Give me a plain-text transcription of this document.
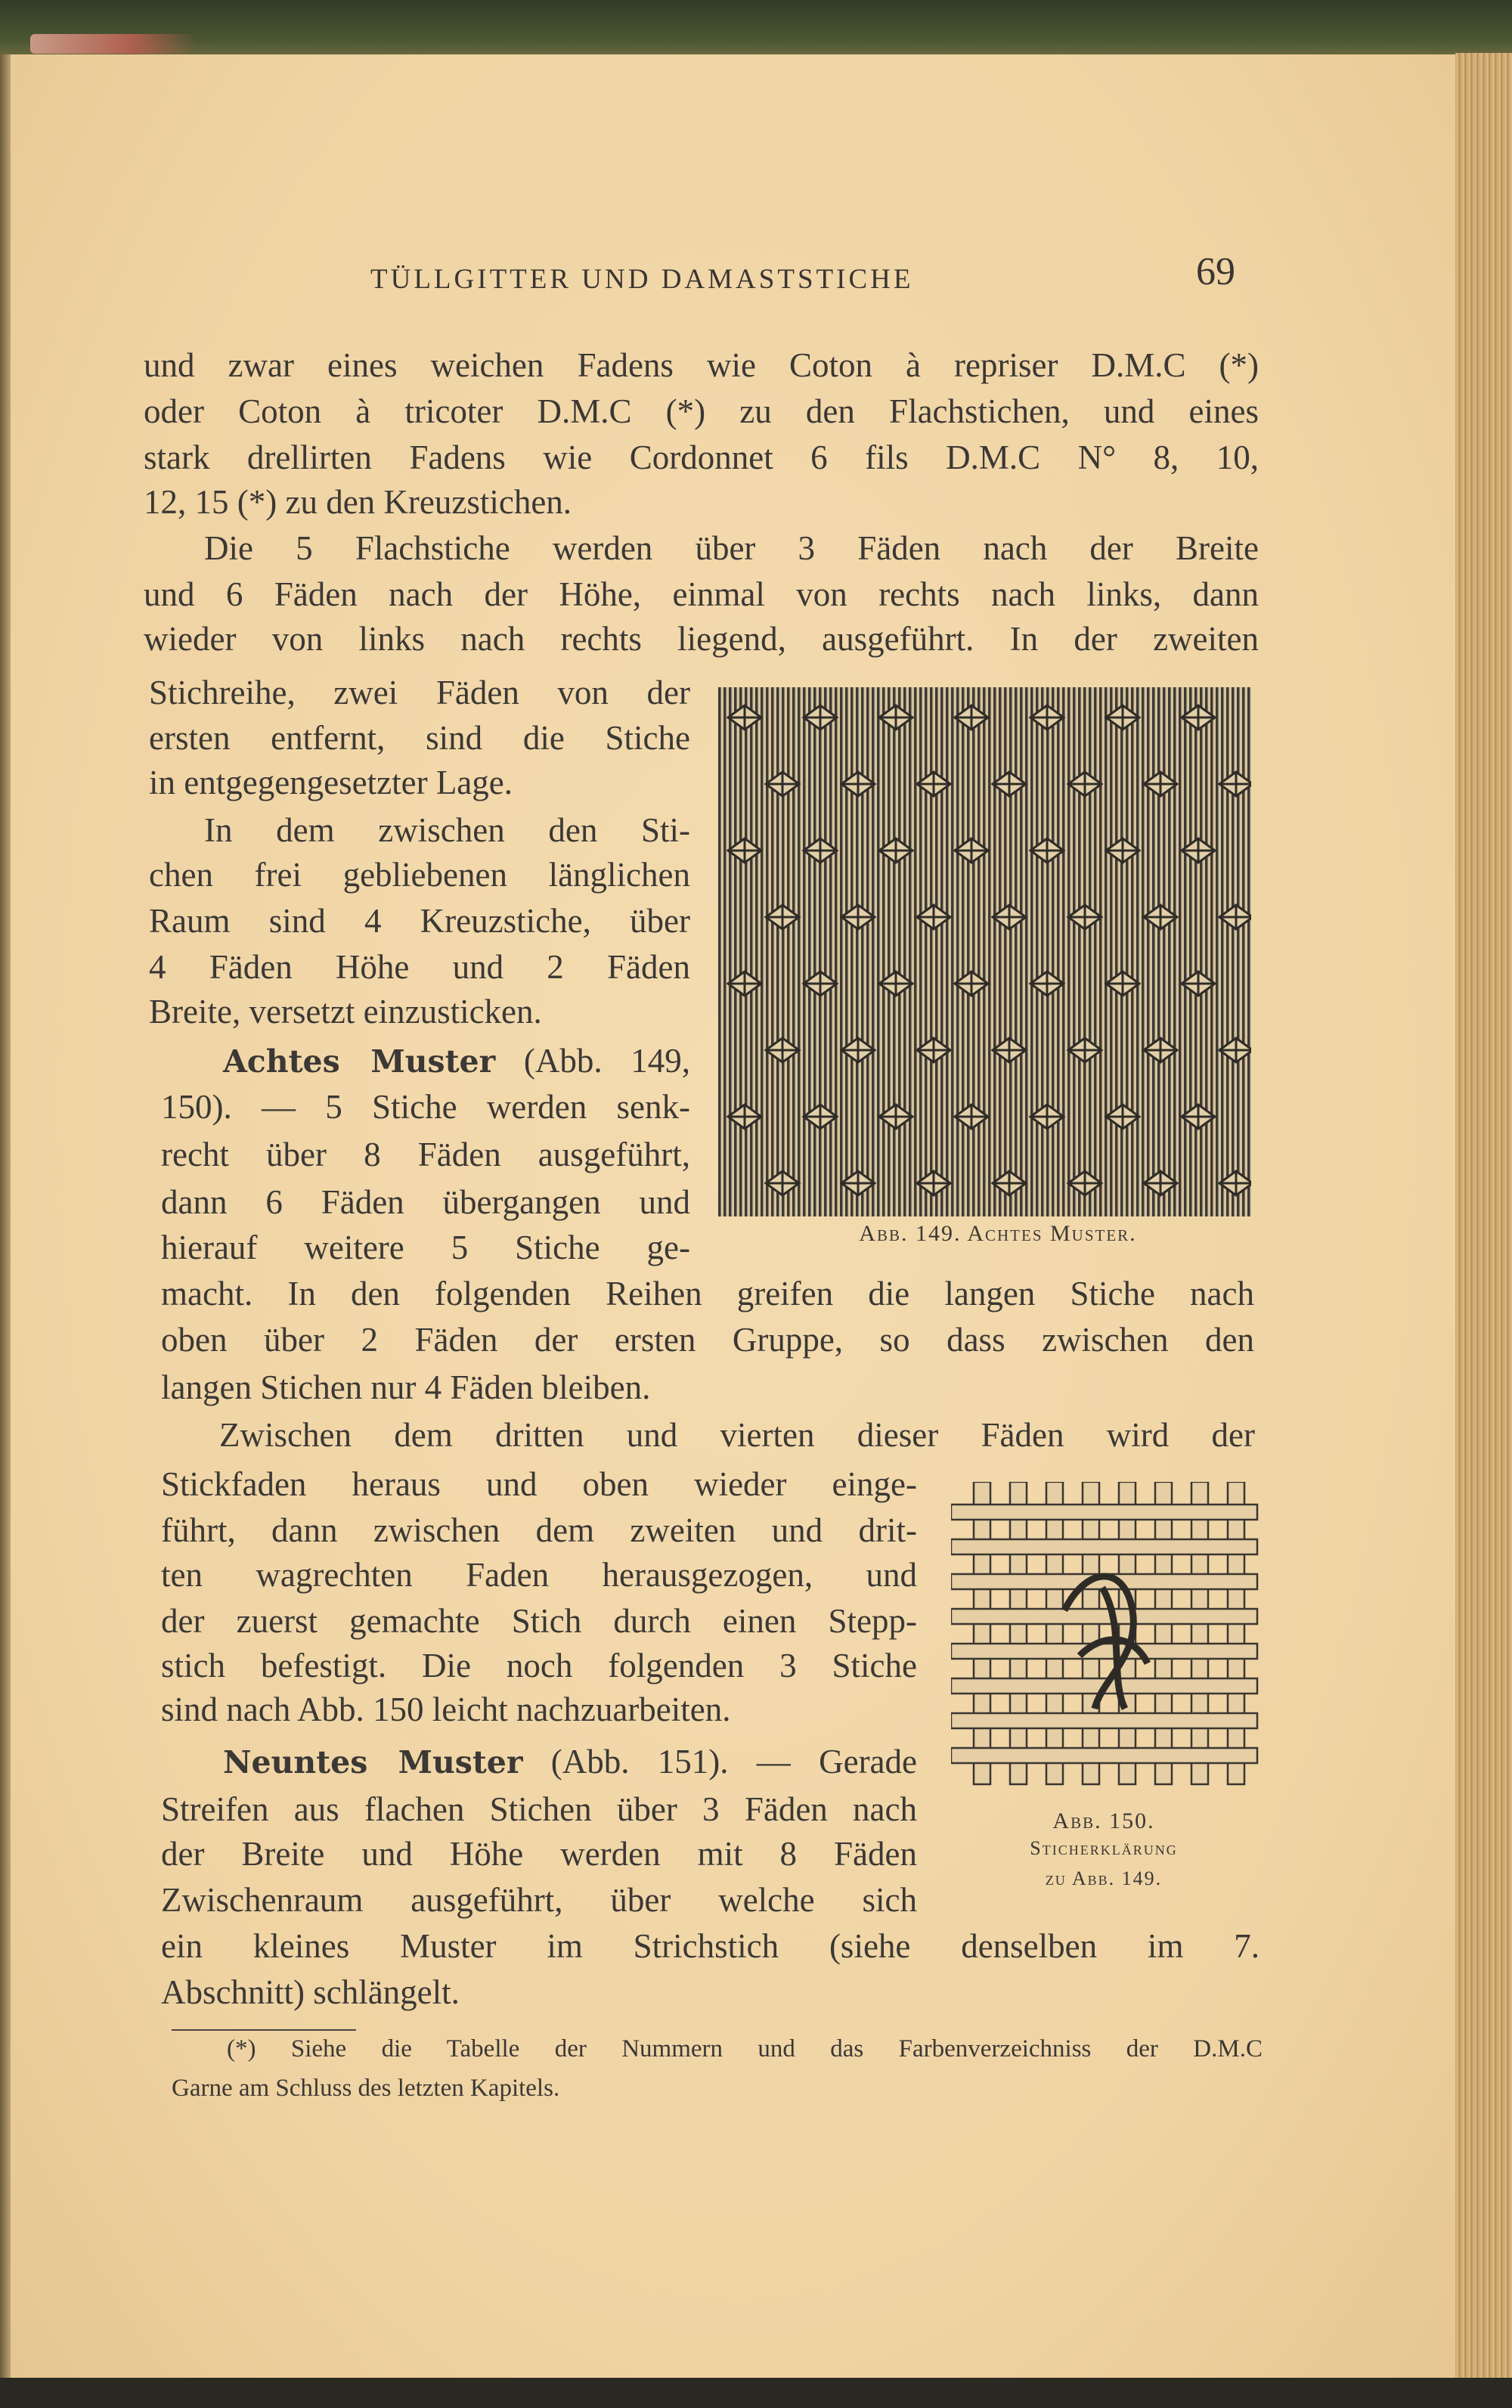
TÜLLGITTER UND DAMASTSTICHE	69
und zwar eines weichen Fadens wie Coton à repriser D.M.C (*)
oder Coton à tricoter D.M.C (*) zu den Flachstichen, und eines
stark drellirten Fadens wie Cordonnet 6 fils D.M.C N° 8, 10,
12, 15 (*) zu den Kreuzstichen.
Die 5 Flachstiche werden über 3 Fäden nach der Breite
und 6 Fäden nach der Höhe, einmal von rechts nach links, dann
wieder von links nach rechts liegend, ausgeführt. In der zweiten
Stichreihe, zwei Fäden von der
ersten entfernt, sind die Stiche
in entgegengesetzter Lage.
In dem zwischen den Sti-
chen frei gebliebenen länglichen
Raum sind 4 Kreuzstiche, über
4 Fäden Höhe und 2 Fäden
Breite, versetzt einzusticken.
Achtes Muster (Abb. 149,
150). — 5 Stiche werden senk-
recht über 8 Fäden ausgeführt,
dann 6 Fäden übergangen und
hierauf weitere 5 Stiche ge-
macht. In den folgenden Reihen greifen die langen Stiche nach
oben über 2 Fäden der ersten Gruppe, so dass zwischen den
langen Stichen nur 4 Fäden bleiben.
Zwischen dem dritten und vierten dieser Fäden wird der
Stickfaden heraus und oben wieder einge-
führt, dann zwischen dem zweiten und drit-
ten wagrechten Faden herausgezogen, und
der zuerst gemachte Stich durch einen Stepp-
stich befestigt. Die noch folgenden 3 Stiche
sind nach Abb. 150 leicht nachzuarbeiten.
Neuntes Muster (Abb. 151). — Gerade
Streifen aus flachen Stichen über 3 Fäden nach
der Breite und Höhe werden mit 8 Fäden
Zwischenraum ausgeführt, über welche sich
ein kleines Muster im Strichstich (siehe denselben im 7.
Abschnitt) schlängelt.
Abb. 149. Achtes Muster.
Abb. 150.
Sticherklärung
zu Abb. 149.
(*) Siehe die Tabelle der Nummern und das Farbenverzeichniss der D.M.C
Garne am Schluss des letzten Kapitels.
